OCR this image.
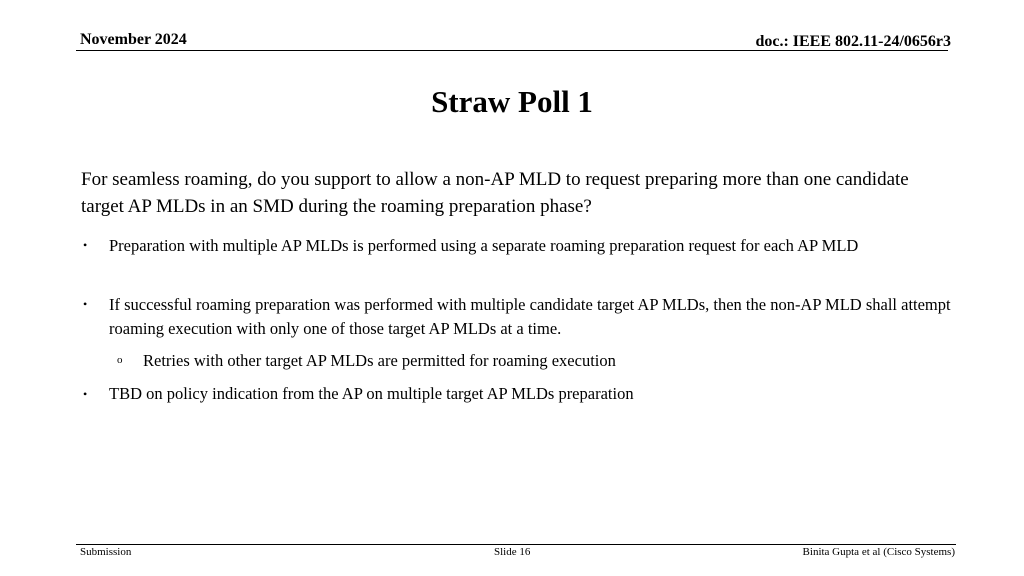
November 2024	doc.: IEEE 802.11-24/0656r3
Straw Poll 1
For seamless roaming, do you support to allow a non-AP MLD to request preparing more than one candidate target AP MLDs in an SMD during the roaming preparation phase?
• Preparation with multiple AP MLDs is performed using a separate roaming preparation request for each AP MLD
• If successful roaming preparation was performed with multiple candidate target AP MLDs, then the non-AP MLD shall attempt roaming execution with only one of those target AP MLDs at a time.
o Retries with other target AP MLDs are permitted for roaming execution
• TBD on policy indication from the AP on multiple target AP MLDs preparation
Submission	Slide 16	Binita Gupta et al (Cisco Systems)
